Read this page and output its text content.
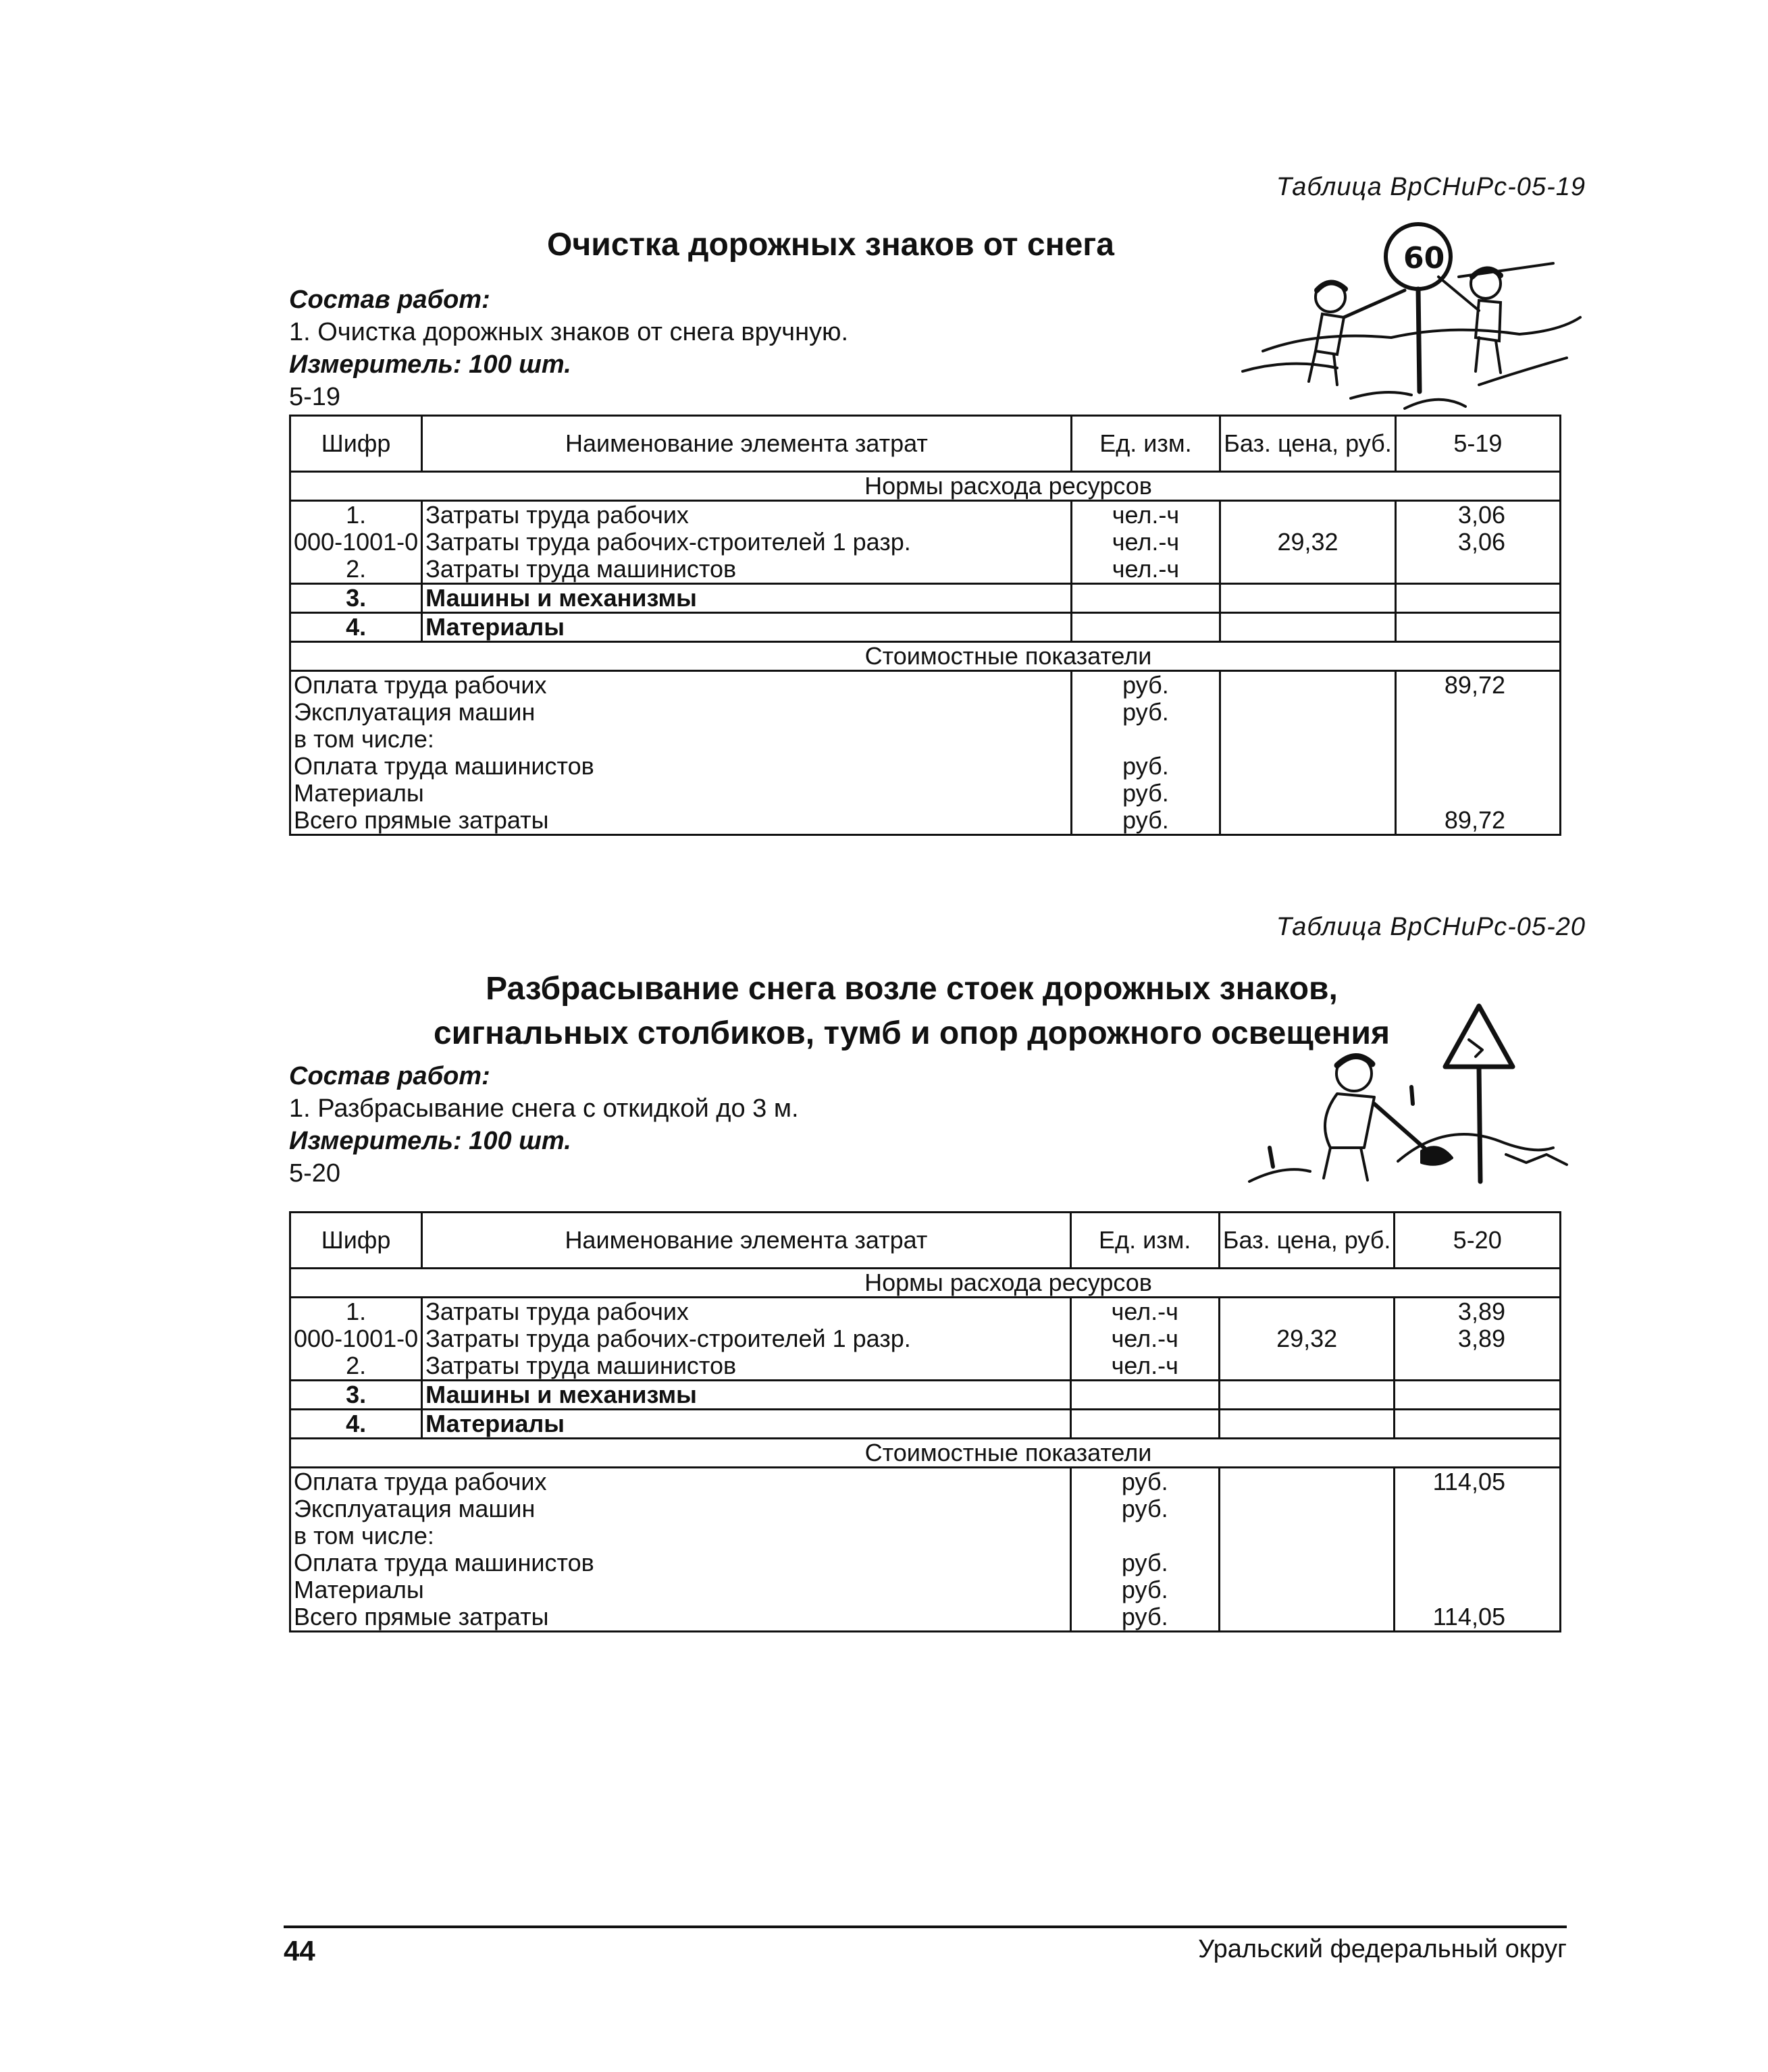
Таблица ВрСНиРс-05-19
Очистка дорожных знаков от снега
Состав работ:
1. Очистка дорожных знаков от снега вручную.
Измеритель: 100 шт.
5-19
60
Шифр	Наименование элемента затрат	Ед. изм.	Баз. цена, руб.	5-19
Нормы расхода ресурсов				
1.	Затраты труда рабочих	чел.-ч		3,06
000-1001-0	Затраты труда рабочих-строителей 1 разр.	чел.-ч	29,32	3,06
2.	Затраты труда машинистов	чел.-ч		
3.	Машины и механизмы			
4.	Материалы			
Стоимостные показатели				
Оплата труда рабочих		руб.		89,72
Эксплуатация машин		руб.		
в том числе:				
Оплата труда машинистов		руб.		
Материалы		руб.		
Всего прямые затраты		руб.		89,72
Таблица ВрСНиРс-05-20
Разбрасывание снега возле стоек дорожных знаков,
сигнальных столбиков, тумб и опор дорожного освещения
Состав работ:
1. Разбрасывание снега с откидкой до 3 м.
Измеритель: 100 шт.
5-20
Шифр	Наименование элемента затрат	Ед. изм.	Баз. цена, руб.	5-20
Нормы расхода ресурсов				
1.	Затраты труда рабочих	чел.-ч		3,89
000-1001-0	Затраты труда рабочих-строителей 1 разр.	чел.-ч	29,32	3,89
2.	Затраты труда машинистов	чел.-ч		
3.	Машины и механизмы			
4.	Материалы			
Стоимостные показатели				
Оплата труда рабочих		руб.		114,05
Эксплуатация машин		руб.		
в том числе:				
Оплата труда машинистов		руб.		
Материалы		руб.		
Всего прямые затраты		руб.		114,05
44	Уральский федеральный округ
